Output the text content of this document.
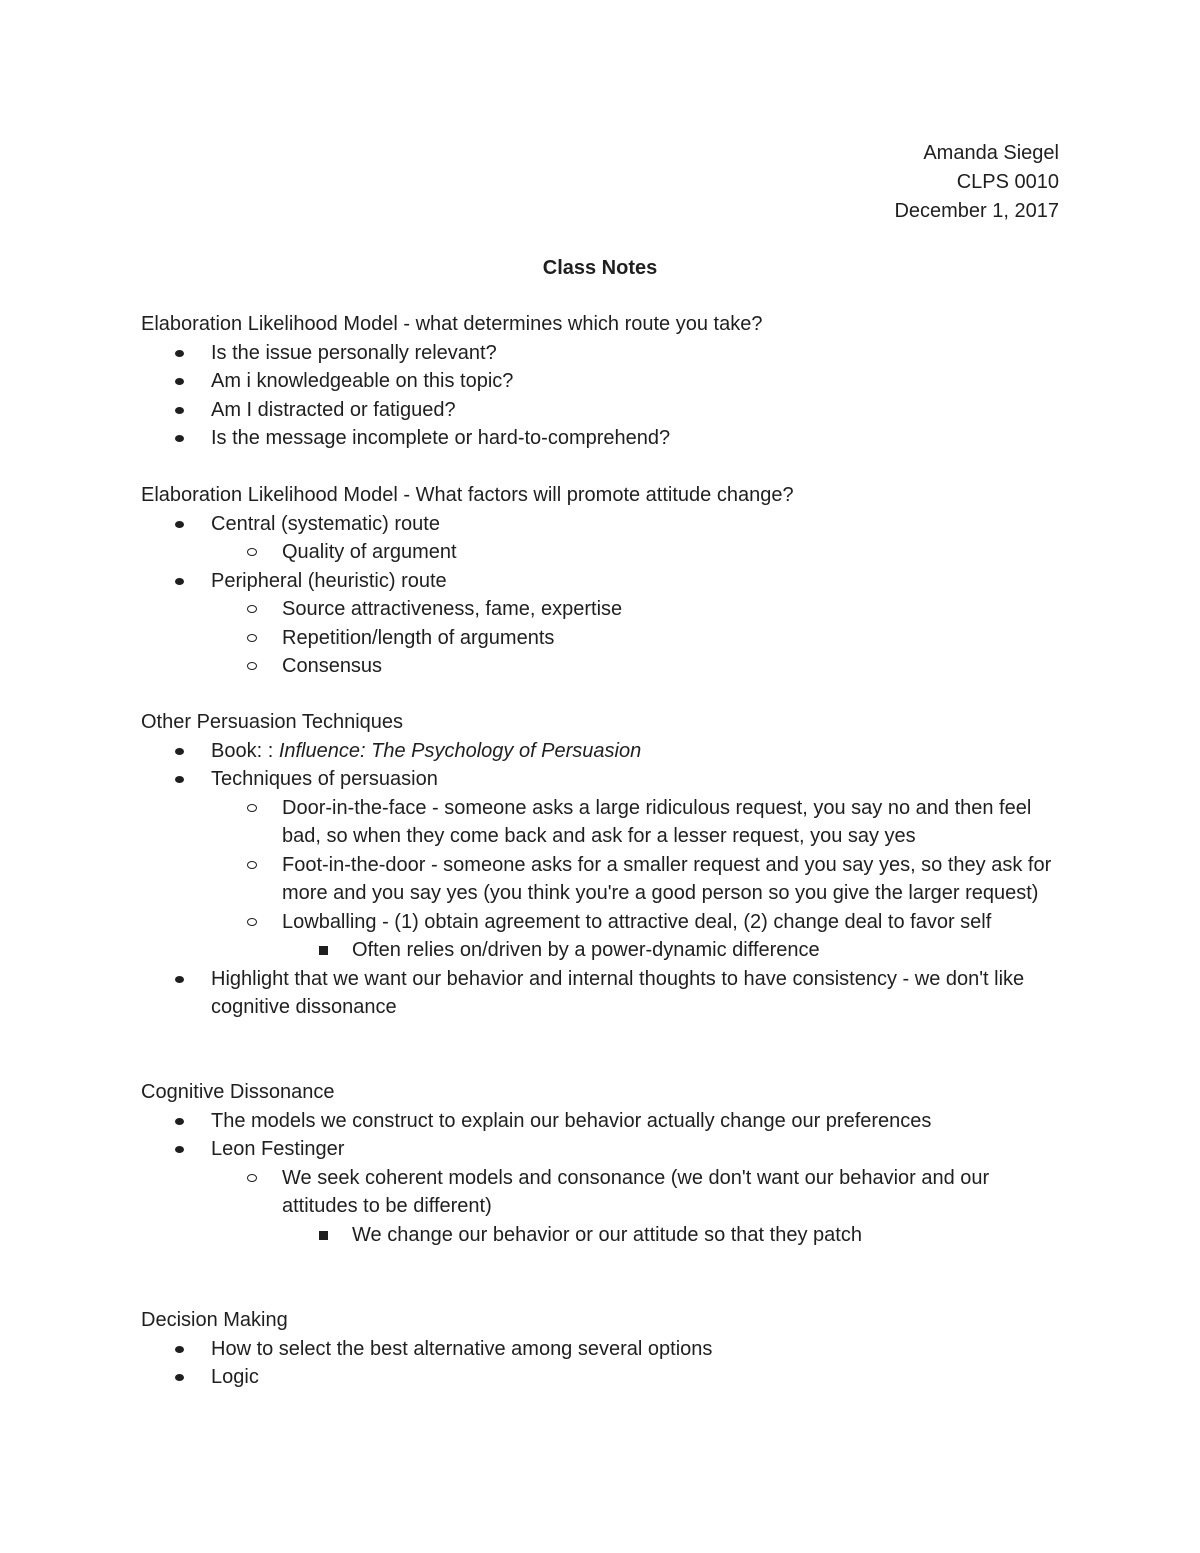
Amanda Siegel
CLPS 0010
December 1, 2017
Class Notes
Elaboration Likelihood Model - what determines which route you take?
Is the issue personally relevant?
Am i knowledgeable on this topic?
Am I distracted or fatigued?
Is the message incomplete or hard-to-comprehend?
Elaboration Likelihood Model - What factors will promote attitude change?
Central (systematic) route
Quality of argument
Peripheral (heuristic) route
Source attractiveness, fame, expertise
Repetition/length of arguments
Consensus
Other Persuasion Techniques
Book: : Influence: The Psychology of Persuasion
Techniques of persuasion
Door-in-the-face - someone asks a large ridiculous request, you say no and then feel bad, so when they come back and ask for a lesser request, you say yes
Foot-in-the-door - someone asks for a smaller request and you say yes, so they ask for more and you say yes (you think you're a good person so you give the larger request)
Lowballing - (1) obtain agreement to attractive deal, (2) change deal to favor self
Often relies on/driven by a power-dynamic difference
Highlight that we want our behavior and internal thoughts to have consistency - we don't like cognitive dissonance
Cognitive Dissonance
The models we construct to explain our behavior actually change our preferences
Leon Festinger
We seek coherent models and consonance (we don't want our behavior and our attitudes to be different)
We change our behavior or our attitude so that they patch
Decision Making
How to select the best alternative among several options
Logic
